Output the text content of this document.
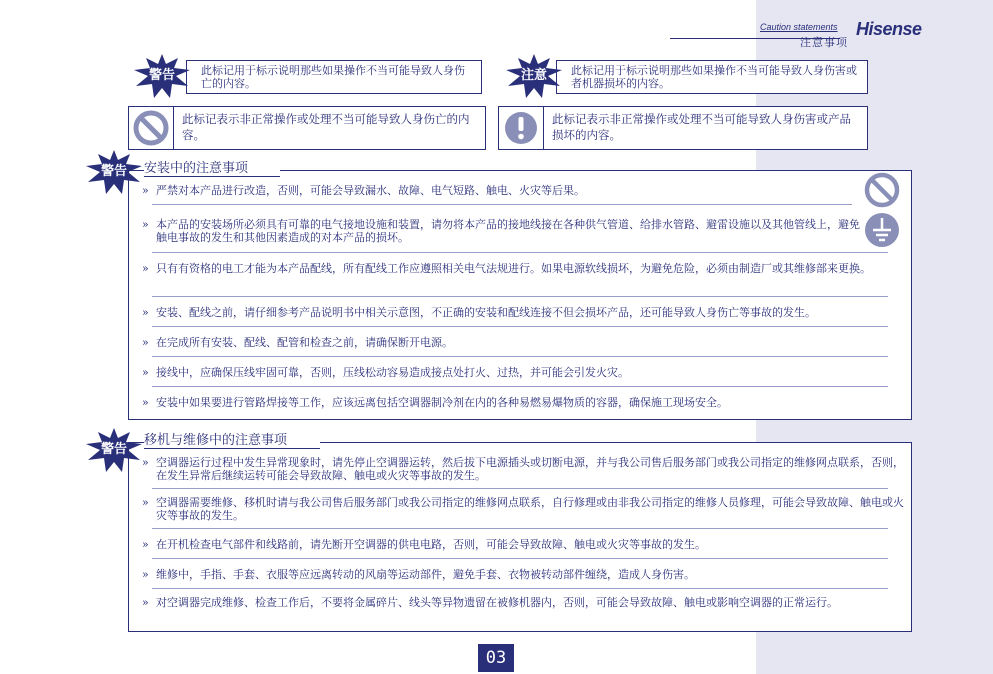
Caution statements
注意事项
Hisense
此标记用于标示说明那些如果操作不当可能导致人身伤亡的内容。
警告	此标记用于标示说明那些如果操作不当可能导致人身伤害或者机器损坏的内容。
注意
此标记表示非正常操作或处理不当可能导致人身伤亡的内容。
此标记表示非正常操作或处理不当可能导致人身伤害或产品损坏的内容。
安装中的注意事项
警告
» 严禁对本产品进行改造，否则，可能会导致漏水、故障、电气短路、触电、火灾等后果。
» 本产品的安装场所必须具有可靠的电气接地设施和装置，请勿将本产品的接地线接在各种供气管道、给排水管路、避雷设施以及其他管线上，避免触电事故的发生和其他因素造成的对本产品的损坏。
» 只有有资格的电工才能为本产品配线，所有配线工作应遵照相关电气法规进行。如果电源软线损坏，为避免危险，必须由制造厂或其维修部来更换。
» 安装、配线之前，请仔细参考产品说明书中相关示意图，不正确的安装和配线连接不但会损坏产品，还可能导致人身伤亡等事故的发生。
» 在完成所有安装、配线、配管和检查之前，请确保断开电源。
» 接线中，应确保压线牢固可靠，否则，压线松动容易造成接点处打火、过热，并可能会引发火灾。
» 安装中如果要进行管路焊接等工作，应该远离包括空调器制冷剂在内的各种易燃易爆物质的容器，确保施工现场安全。
移机与维修中的注意事项
警告
» 空调器运行过程中发生异常现象时，请先停止空调器运转，然后拔下电源插头或切断电源，并与我公司售后服务部门或我公司指定的维修网点联系，否则，在发生异常后继续运转可能会导致故障、触电或火灾等事故的发生。
» 空调器需要维修、移机时请与我公司售后服务部门或我公司指定的维修网点联系，自行修理或由非我公司指定的维修人员修理，可能会导致故障、触电或火灾等事故的发生。
» 在开机检查电气部件和线路前，请先断开空调器的供电电路，否则，可能会导致故障、触电或火灾等事故的发生。
» 维修中，手指、手套、衣服等应远离转动的风扇等运动部件，避免手套、衣物被转动部件缠绕，造成人身伤害。
» 对空调器完成维修、检查工作后，不要将金属碎片、线头等异物遗留在被修机器内，否则，可能会导致故障、触电或影响空调器的正常运行。
03
